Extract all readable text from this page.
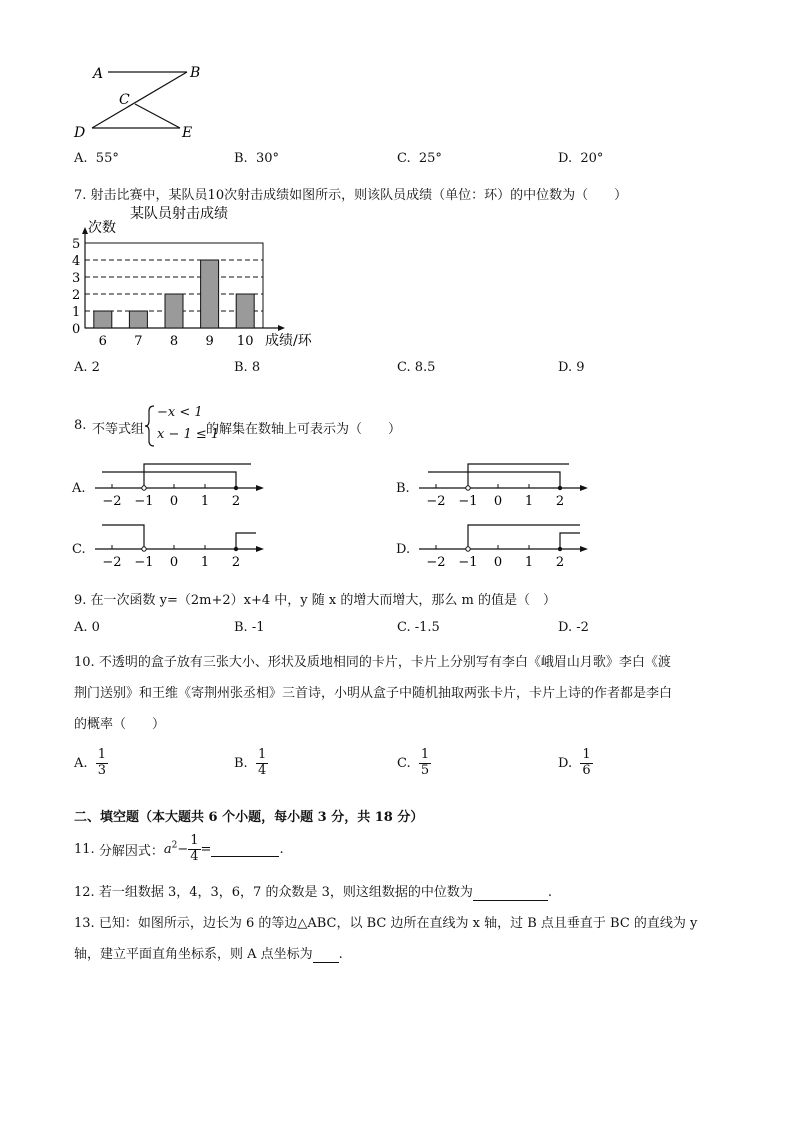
A	B
C
D	E
A. 55°	B. 30°	C. 25°	D. 20°
7. 射击比赛中，某队员10次射击成绩如图所示，则该队员成绩（单位：环）的中位数为（　　）
0
1
2
3
4
5
6 7 8 9 10
次数
某队员射击成绩
成绩/环
A. 2	B. 8	C. 8.5	D. 9
8. 不等式组
−x < 1
x − 1 ≤ 1
的解集在数轴上可表示为（　　）
A.
−2 −1 0 1 2
B.
−2 −1 0 1 2
C.
−2 −1 0 1 2
D.
−2 −1 0 1 2
9. 在一次函数 y=（2m+2）x+4 中，y 随 x 的增大而增大，那么 m 的值是（　）
A. 0	B. -1	C. -1.5	D. -2
10. 不透明的盒子放有三张大小、形状及质地相同的卡片，卡片上分别写有李白《峨眉山月歌》李白《渡
荆门送别》和王维《寄荆州张丞相》三首诗，小明从盒子中随机抽取两张卡片，卡片上诗的作者都是李白
的概率（　　）
A. $\frac{1}{3}$	B. $\frac{1}{4}$	C. $\frac{1}{5}$	D. $\frac{1}{6}$
二、填空题（本大题共 6 个小题，每小题 3 分，共 18 分）
11. 分解因式：$a^2- \frac{1}{4}$ =	.
12. 若一组数据 3，4，3，6，7 的众数是 3，则这组数据的中位数为	.
13. 已知：如图所示，边长为 6 的等边△ABC，以 BC 边所在直线为 x 轴，过 B 点且垂直于 BC 的直线为 y
轴，建立平面直角坐标系，则 A 点坐标为 .
